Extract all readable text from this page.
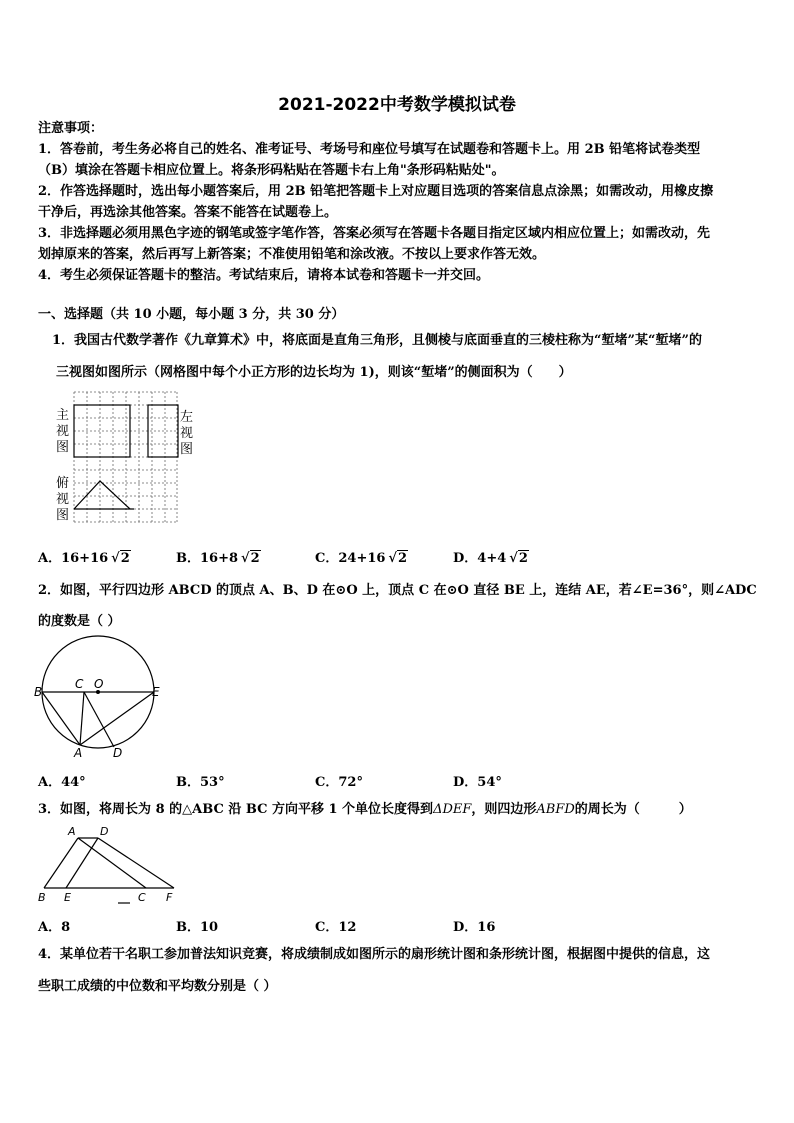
2021-2022中考数学模拟试卷
注意事项：
1．答卷前，考生务必将自己的姓名、准考证号、考场号和座位号填写在试题卷和答题卡上。用 2B 铅笔将试卷类型
（B）填涂在答题卡相应位置上。将条形码粘贴在答题卡右上角"条形码粘贴处"。
2．作答选择题时，选出每小题答案后，用 2B 铅笔把答题卡上对应题目选项的答案信息点涂黑；如需改动，用橡皮擦
干净后，再选涂其他答案。答案不能答在试题卷上。
3．非选择题必须用黑色字迹的钢笔或签字笔作答，答案必须写在答题卡各题目指定区域内相应位置上；如需改动，先
划掉原来的答案，然后再写上新答案；不准使用铅笔和涂改液。不按以上要求作答无效。
4．考生必须保证答题卡的整洁。考试结束后，请将本试卷和答题卡一并交回。
一、选择题（共 10 小题，每小题 3 分，共 30 分）
1．我国古代数学著作《九章算术》中，将底面是直角三角形，且侧棱与底面垂直的三棱柱称为“堑堵”某“堑堵”的
三视图如图所示（网格图中每个小正方形的边长均为 1)，则该“堑堵”的侧面积为（　　）
主
视
图
左
视
图
俯
视
图
A．16+16 √2	B．16+8 √2	C．24+16 √2	D．4+4 √2
2．如图，平行四边形 ABCD 的顶点 A、B、D 在⊙O 上，顶点 C 在⊙O 直径 BE 上，连结 AE，若∠E=36°，则∠ADC
的度数是（ ）
B
C O
E
A	D
A．44°	B．53°	C．72°	D．54°
3．如图，将周长为 8 的△ABC 沿 BC 方向平移 1 个单位长度得到ΔDEF，则四边形ABFD的周长为（　　　）
A D
B E	C F
A．8	B．10	C．12	D．16
4．某单位若干名职工参加普法知识竞赛，将成绩制成如图所示的扇形统计图和条形统计图，根据图中提供的信息，这
些职工成绩的中位数和平均数分别是（ ）
